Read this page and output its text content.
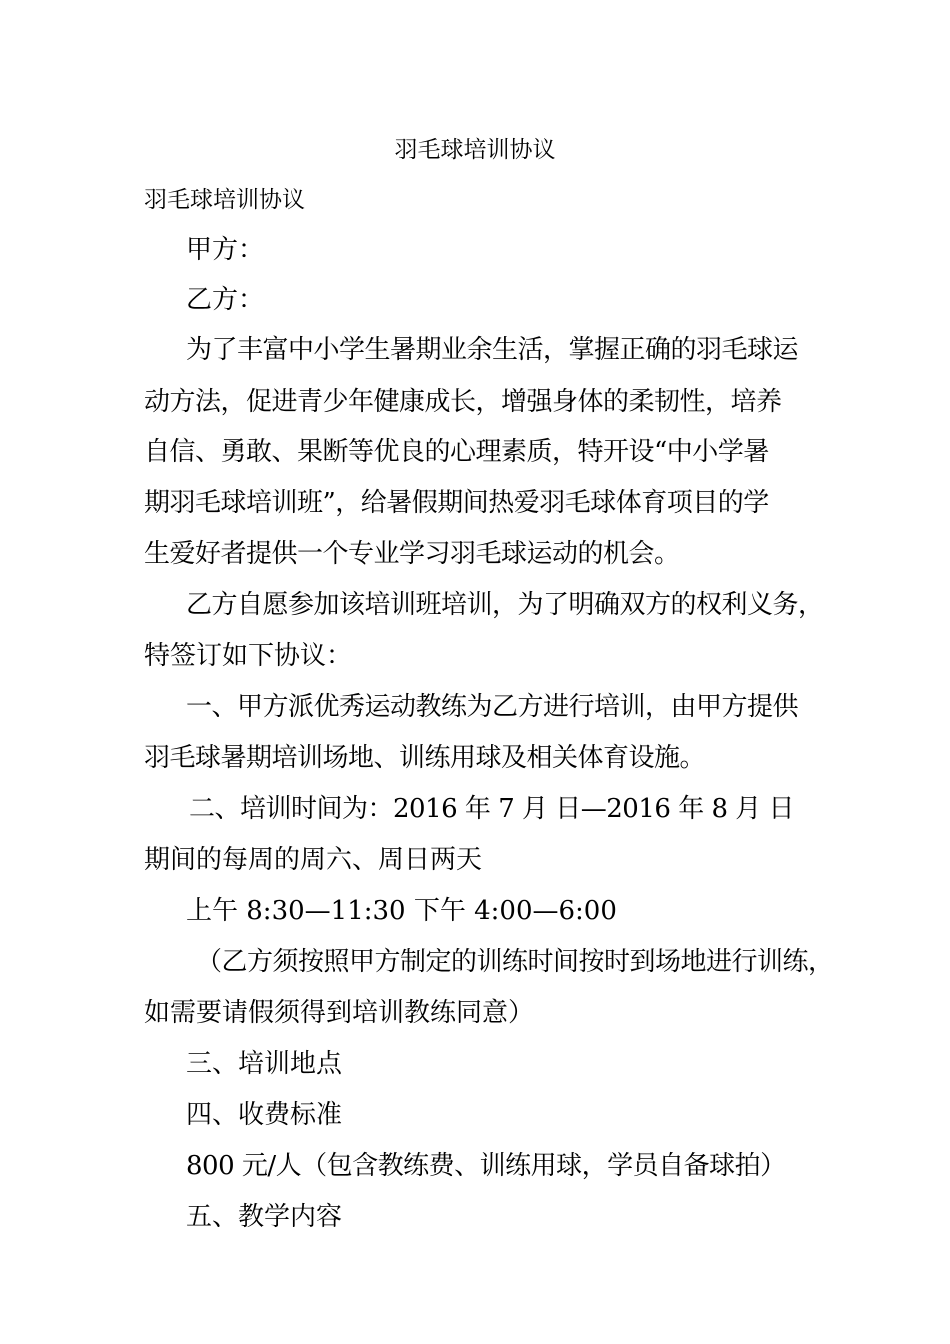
羽毛球培训协议
羽毛球培训协议
甲方：
乙方：
为了丰富中小学生暑期业余生活，掌握正确的羽毛球运
动方法，促进青少年健康成长，增强身体的柔韧性，培养
自信、勇敢、果断等优良的心理素质，特开设“中小学暑
期羽毛球培训班”，给暑假期间热爱羽毛球体育项目的学
生爱好者提供一个专业学习羽毛球运动的机会。
乙方自愿参加该培训班培训，为了明确双方的权利义务，
特签订如下协议：
一、甲方派优秀运动教练为乙方进行培训，由甲方提供
羽毛球暑期培训场地、训练用球及相关体育设施。
二、培训时间为：2016 年 7 月 日—2016 年 8 月 日
期间的每周的周六、周日两天
上午 8:30—11:30 下午 4:00—6:00
（乙方须按照甲方制定的训练时间按时到场地进行训练，
如需要请假须得到培训教练同意）
三、培训地点
四、收费标准
800 元/人（包含教练费、训练用球，学员自备球拍）
五、教学内容
